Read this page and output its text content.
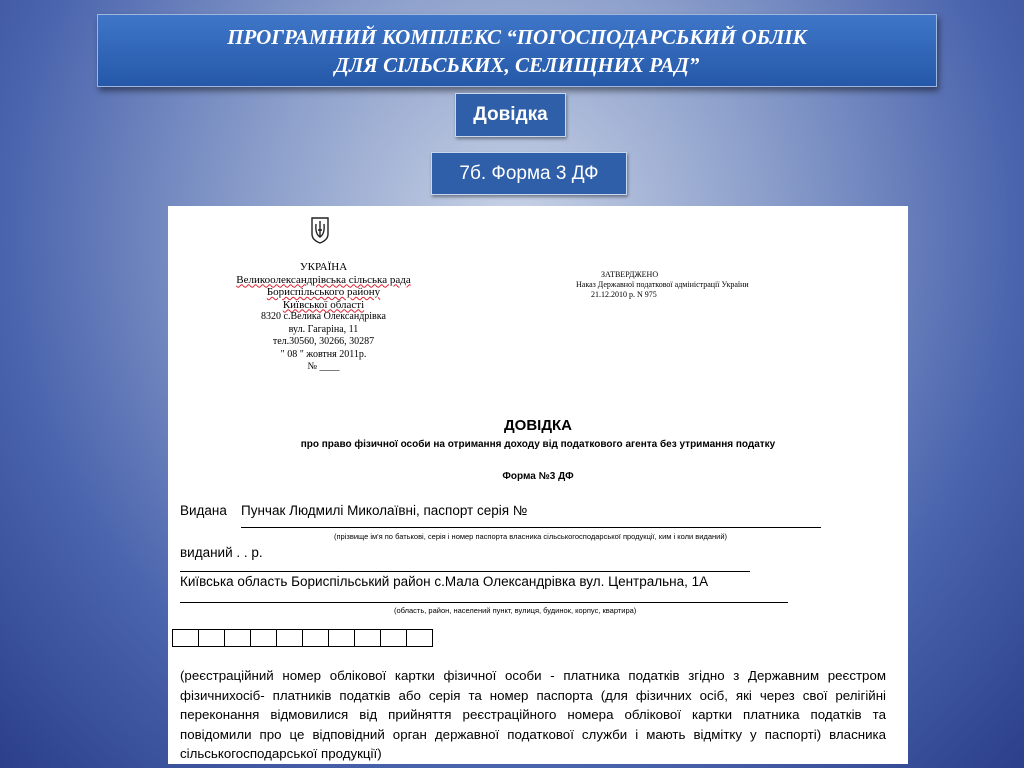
ПРОГРАМНИЙ КОМПЛЕКС “ПОГОСПОДАРСЬКИЙ ОБЛІК
ДЛЯ СІЛЬСЬКИХ, СЕЛИЩНИХ РАД”
Довідка
7б. Форма 3 ДФ
УКРАЇНА
Великоолександрівська сільська рада
Бориспільського району
Київської області
8320 с.Велика Олександрівка
вул. Гагаріна, 11
тел.30560, 30266, 30287
" 08 " жовтня 2011р.
№ ____
ЗАТВЕРДЖЕНО
Наказ Державної податкової адміністрації України
21.12.2010 р. N 975
ДОВІДКА
про право фізичної особи на отримання доходу від податкового агента без утримання податку
Форма №3 ДФ
Видана Пунчак Людмилі Миколаївні, паспорт серія №
(прізвище ім'я по батькові, серія і номер паспорта власника сільськогосподарської продукції, ким і коли виданий)
виданий . . р.
Київська область Бориспільський район с.Мала Олександрівка вул. Центральна, 1А
(область, район, населений пункт, вулиця, будинок, корпус, квартира)
(реєстраційний номер облікової картки фізичної особи - платника податків згідно з Державним реєстром фізичнихосіб- платників податків або серія та номер паспорта (для фізичних осіб, які через свої релігійні переконання відмовилися від прийняття реєстраційного номера облікової картки платника податків та повідомили про це відповідний орган державної податкової служби і мають відмітку у паспорті) власника сільськогосподарської продукції)
